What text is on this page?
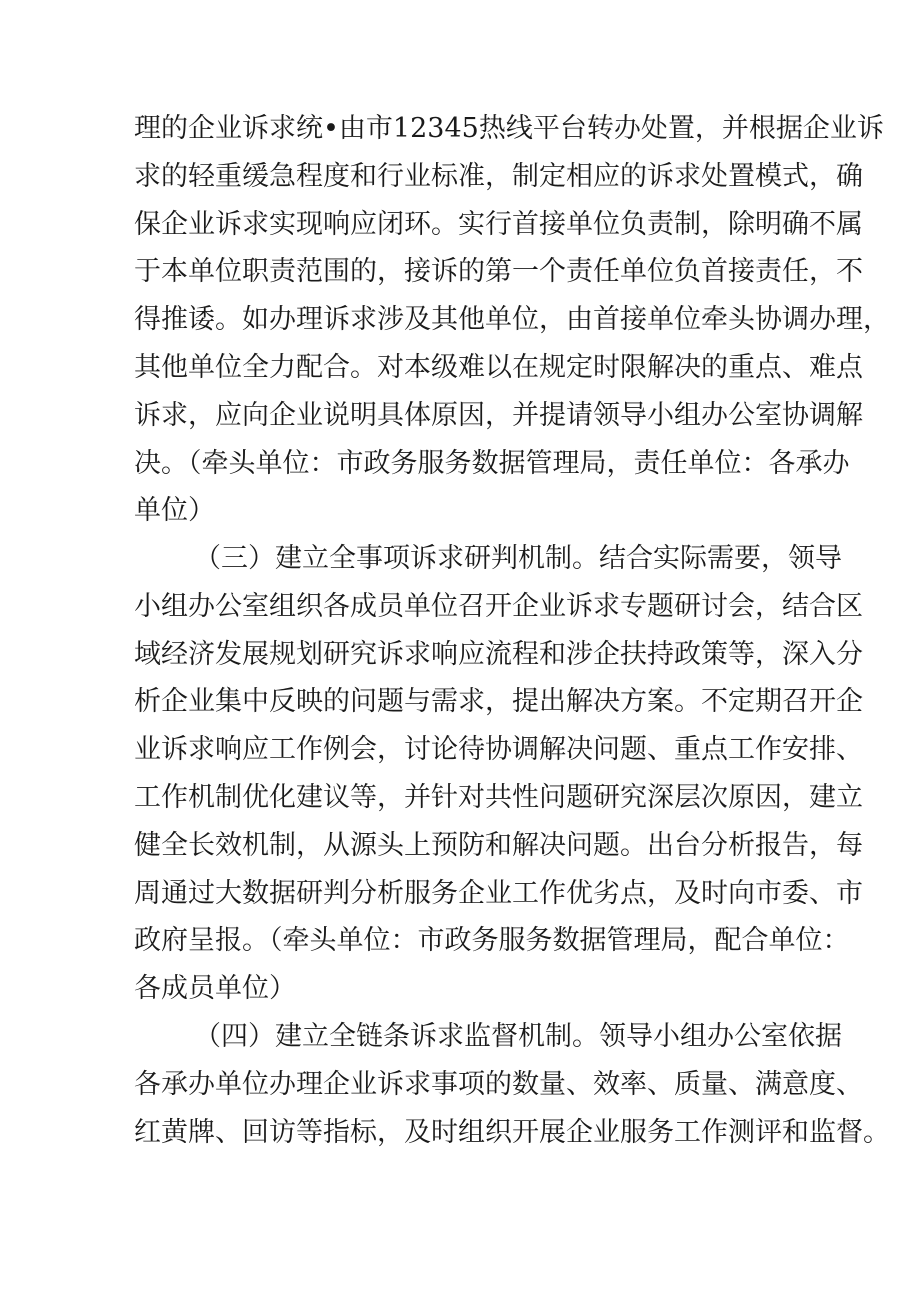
理的企业诉求统•由市12345热线平台转办处置，并根据企业诉
求的轻重缓急程度和行业标准，制定相应的诉求处置模式，确
保企业诉求实现响应闭环。实行首接单位负责制，除明确不属
于本单位职责范围的，接诉的第一个责任单位负首接责任，不
得推诿。如办理诉求涉及其他单位，由首接单位牵头协调办理，
其他单位全力配合。对本级难以在规定时限解决的重点、难点
诉求，应向企业说明具体原因，并提请领导小组办公室协调解
决。（牵头单位：市政务服务数据管理局，责任单位：各承办
单位）
（三）建立全事项诉求研判机制。结合实际需要，领导
小组办公室组织各成员单位召开企业诉求专题研讨会，结合区
域经济发展规划研究诉求响应流程和涉企扶持政策等，深入分
析企业集中反映的问题与需求，提出解决方案。不定期召开企
业诉求响应工作例会，讨论待协调解决问题、重点工作安排、
工作机制优化建议等，并针对共性问题研究深层次原因，建立
健全长效机制，从源头上预防和解决问题。出台分析报告，每
周通过大数据研判分析服务企业工作优劣点，及时向市委、市
政府呈报。（牵头单位：市政务服务数据管理局，配合单位：
各成员单位）
（四）建立全链条诉求监督机制。领导小组办公室依据
各承办单位办理企业诉求事项的数量、效率、质量、满意度、
红黄牌、回访等指标，及时组织开展企业服务工作测评和监督。
